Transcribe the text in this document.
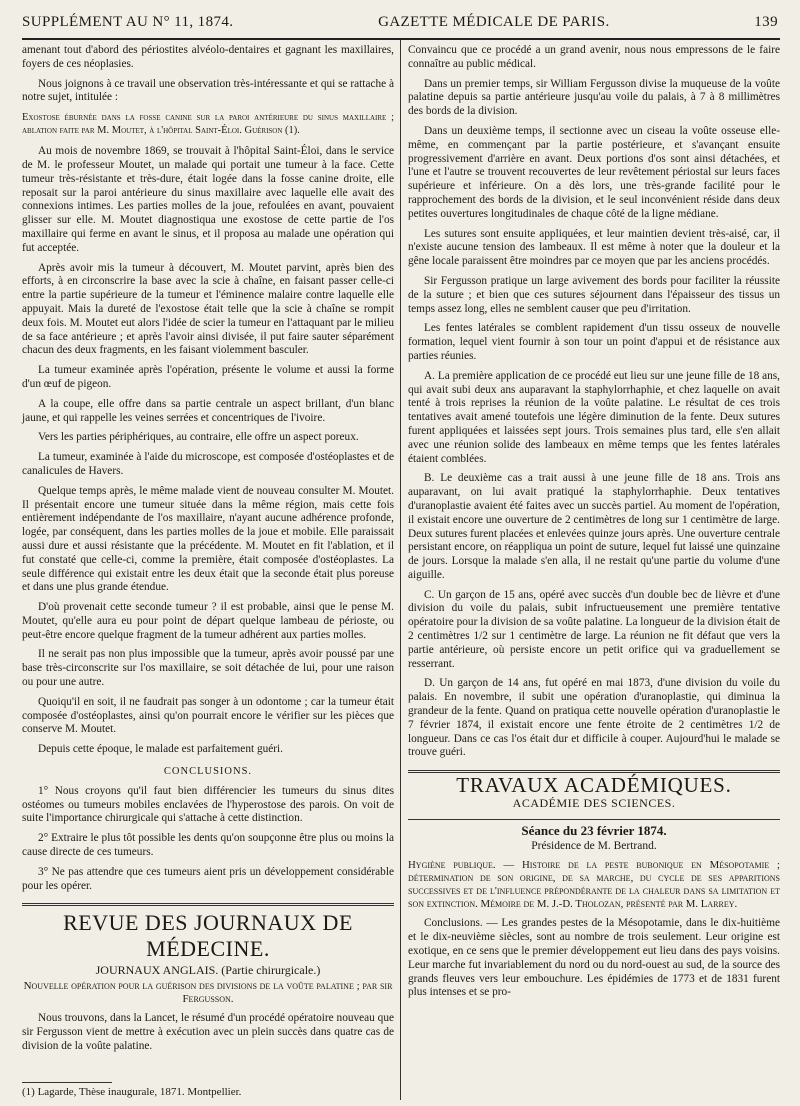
SUPPLÉMENT AU N° 11, 1874.	GAZETTE MÉDICALE DE PARIS.	139

amenant tout d'abord des périostites alvéolo-dentaires et gagnant les maxillaires, foyers de ces néoplasies.

Nous joignons à ce travail une observation très-intéressante et qui se rattache à notre sujet, intitulée :

Exostose éburnée dans la fosse canine sur la paroi antérieure du sinus maxillaire ; ablation faite par M. Moutet, à l'hôpital Saint-Éloi. Guérison (1).

Au mois de novembre 1869, se trouvait à l'hôpital Saint-Éloi, dans le service de M. le professeur Moutet, un malade qui portait une tumeur à la face. Cette tumeur très-résistante et très-dure, était logée dans la fosse canine droite, elle reposait sur la paroi antérieure du sinus maxillaire avec laquelle elle avait des connexions intimes. Les parties molles de la joue, refoulées en avant, pouvaient glisser sur elle. M. Moutet diagnostiqua une exostose de cette partie de l'os maxillaire qui ferme en avant le sinus, et il proposa au malade une opération qui fut acceptée.

Après avoir mis la tumeur à découvert, M. Moutet parvint, après bien des efforts, à en circonscrire la base avec la scie à chaîne, en faisant passer celle-ci entre la partie supérieure de la tumeur et l'éminence malaire contre laquelle elle appuyait. Mais la dureté de l'exostose était telle que la scie à chaîne se rompit deux fois. M. Moutet eut alors l'idée de scier la tumeur en l'attaquant par le milieu de sa face antérieure ; et après l'avoir ainsi divisée, il put faire sauter séparément chacun des deux fragments, en les faisant violemment basculer.

La tumeur examinée après l'opération, présente le volume et aussi la forme d'un œuf de pigeon.

A la coupe, elle offre dans sa partie centrale un aspect brillant, d'un blanc jaune, et qui rappelle les veines serrées et concentriques de l'ivoire.

Vers les parties périphériques, au contraire, elle offre un aspect poreux.

La tumeur, examinée à l'aide du microscope, est composée d'ostéoplastes et de canalicules de Havers.

Quelque temps après, le même malade vient de nouveau consulter M. Moutet. Il présentait encore une tumeur située dans la même région, mais cette fois entièrement indépendante de l'os maxillaire, n'ayant aucune adhérence profonde, logée, par conséquent, dans les parties molles de la joue et mobile. Elle paraissait aussi dure et aussi résistante que la précédente. M. Moutet en fit l'ablation, et il fut constaté que celle-ci, comme la première, était composée d'ostéoplastes. La seule différence qui existait entre les deux était que la seconde était plus poreuse et dans une plus grande étendue.

D'où provenait cette seconde tumeur ? il est probable, ainsi que le pense M. Moutet, qu'elle aura eu pour point de départ quelque lambeau de périoste, ou peut-être encore quelque fragment de la tumeur adhérent aux parties molles.

Il ne serait pas non plus impossible que la tumeur, après avoir poussé par une base très-circonscrite sur l'os maxillaire, se soit détachée de lui, pour une raison ou pour une autre.

Quoiqu'il en soit, il ne faudrait pas songer à un odontome ; car la tumeur était composée d'ostéoplastes, ainsi qu'on pourrait encore le vérifier sur les pièces que conserve M. Moutet.

Depuis cette époque, le malade est parfaitement guéri.

CONCLUSIONS.

1° Nous croyons qu'il faut bien différencier les tumeurs du sinus dites ostéomes ou tumeurs mobiles enclavées de l'hyperostose des parois. On voit de suite l'importance chirurgicale qui s'attache à cette distinction.

2° Extraire le plus tôt possible les dents qu'on soupçonne être plus ou moins la cause directe de ces tumeurs.

3° Ne pas attendre que ces tumeurs aient pris un développement considérable pour les opérer.

REVUE DES JOURNAUX DE MÉDECINE.

JOURNAUX ANGLAIS. (Partie chirurgicale.)

Nouvelle opération pour la guérison des divisions de la voûte palatine ; par sir Fergusson.

Nous trouvons, dans la Lancet, le résumé d'un procédé opératoire nouveau que sir Fergusson vient de mettre à exécution avec un plein succès dans quatre cas de division de la voûte palatine.

(1) Lagarde, Thèse inaugurale, 1871. Montpellier.

Convaincu que ce procédé a un grand avenir, nous nous empressons de le faire connaître au public médical.

Dans un premier temps, sir William Fergusson divise la muqueuse de la voûte palatine depuis sa partie antérieure jusqu'au voile du palais, à 7 à 8 millimètres des bords de la division.

Dans un deuxième temps, il sectionne avec un ciseau la voûte osseuse elle-même, en commençant par la partie postérieure, et s'avançant ensuite progressivement d'arrière en avant. Deux portions d'os sont ainsi détachées, et l'une et l'autre se trouvent recouvertes de leur revêtement périostal sur leurs faces supérieure et inférieure. On a dès lors, une très-grande facilité pour le rapprochement des bords de la division, et le seul inconvénient réside dans deux petites ouvertures longitudinales de chaque côté de la ligne médiane.

Les sutures sont ensuite appliquées, et leur maintien devient très-aisé, car, il n'existe aucune tension des lambeaux. Il est même à noter que la douleur et la gêne locale paraissent être moindres par ce moyen que par les anciens procédés.

Sir Fergusson pratique un large avivement des bords pour faciliter la réussite de la suture ; et bien que ces sutures séjournent dans l'épaisseur des tissus un temps assez long, elles ne semblent causer que peu d'irritation.

Les fentes latérales se comblent rapidement d'un tissu osseux de nouvelle formation, lequel vient fournir à son tour un point d'appui et de résistance aux parties réunies.

A. La première application de ce procédé eut lieu sur une jeune fille de 18 ans, qui avait subi deux ans auparavant la staphylorrhaphie, et chez laquelle on avait tenté à trois reprises la réunion de la voûte palatine. Le résultat de ces trois tentatives avait amené toutefois une légère diminution de la fente. Deux sutures furent appliquées et laissées sept jours. Trois semaines plus tard, elle s'en allait avec une réunion solide des lambeaux en même temps que les fentes latérales étaient comblées.

B. Le deuxième cas a trait aussi à une jeune fille de 18 ans. Trois ans auparavant, on lui avait pratiqué la staphylorrhaphie. Deux tentatives d'uranoplastie avaient été faites avec un succès partiel. Au moment de l'opération, il existait encore une ouverture de 2 centimètres de long sur 1 centimètre de large. Deux sutures furent placées et enlevées quinze jours après. Une ouverture centrale persistant encore, on réappliqua un point de suture, lequel fut laissé une quinzaine de jours. Lorsque la malade s'en alla, il ne restait qu'une partie du volume d'une aiguille.

C. Un garçon de 15 ans, opéré avec succès d'un double bec de lièvre et d'une division du voile du palais, subit infructueusement une première tentative opératoire pour la division de sa voûte palatine. La longueur de la division était de 2 centimètres 1/2 sur 1 centimètre de large. La réunion ne fit défaut que vers la partie antérieure, où persiste encore un petit orifice qui va graduellement se resserrant.

D. Un garçon de 14 ans, fut opéré en mai 1873, d'une division du voile du palais. En novembre, il subit une opération d'uranoplastie, qui diminua la grandeur de la fente. Quand on pratiqua cette nouvelle opération d'uranoplastie le 7 février 1874, il existait encore une fente étroite de 2 centimètres 1/2 de longueur. Dans ce cas l'os était dur et difficile à couper. Aujourd'hui le malade se trouve guéri.

TRAVAUX ACADÉMIQUES.

ACADÉMIE DES SCIENCES.

Séance du 23 février 1874.

Présidence de M. Bertrand.

Hygiène publique. — Histoire de la peste bubonique en Mésopotamie ; détermination de son origine, de sa marche, du cycle de ses apparitions successives et de l'influence prépondérante de la chaleur dans sa limitation et son extinction. Mémoire de M. J.-D. Tholozan, présenté par M. Larrey.

Conclusions. — Les grandes pestes de la Mésopotamie, dans le dix-huitième et le dix-neuvième siècles, sont au nombre de trois seulement. Leur origine est exotique, en ce sens que le premier développement eut lieu dans des pays voisins. Leur marche fut invariablement du nord ou du nord-ouest au sud, de la source des grands fleuves vers leur embouchure. Les épidémies de 1773 et de 1831 furent plus intenses et se pro-
